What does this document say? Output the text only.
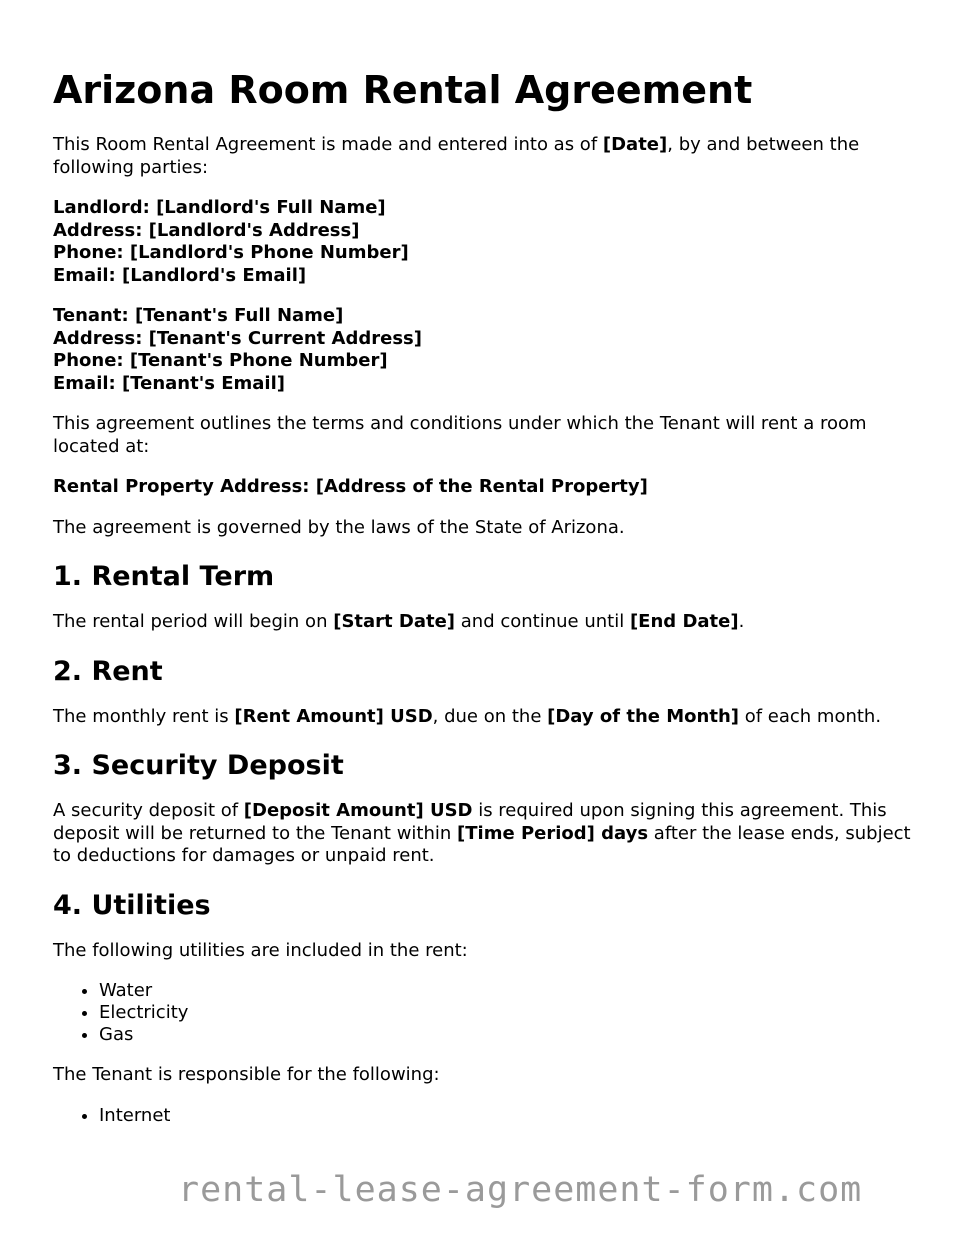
Arizona Room Rental Agreement

This Room Rental Agreement is made and entered into as of [Date], by and between the following parties:

Landlord: [Landlord's Full Name]
Address: [Landlord's Address]
Phone: [Landlord's Phone Number]
Email: [Landlord's Email]

Tenant: [Tenant's Full Name]
Address: [Tenant's Current Address]
Phone: [Tenant's Phone Number]
Email: [Tenant's Email]

This agreement outlines the terms and conditions under which the Tenant will rent a room located at:

Rental Property Address: [Address of the Rental Property]

The agreement is governed by the laws of the State of Arizona.

1. Rental Term

The rental period will begin on [Start Date] and continue until [End Date].

2. Rent

The monthly rent is [Rent Amount] USD, due on the [Day of the Month] of each month.

3. Security Deposit

A security deposit of [Deposit Amount] USD is required upon signing this agreement. This deposit will be returned to the Tenant within [Time Period] days after the lease ends, subject to deductions for damages or unpaid rent.

4. Utilities

The following utilities are included in the rent:

• Water
• Electricity
• Gas

The Tenant is responsible for the following:

• Internet
rental-lease-agreement-form.com
